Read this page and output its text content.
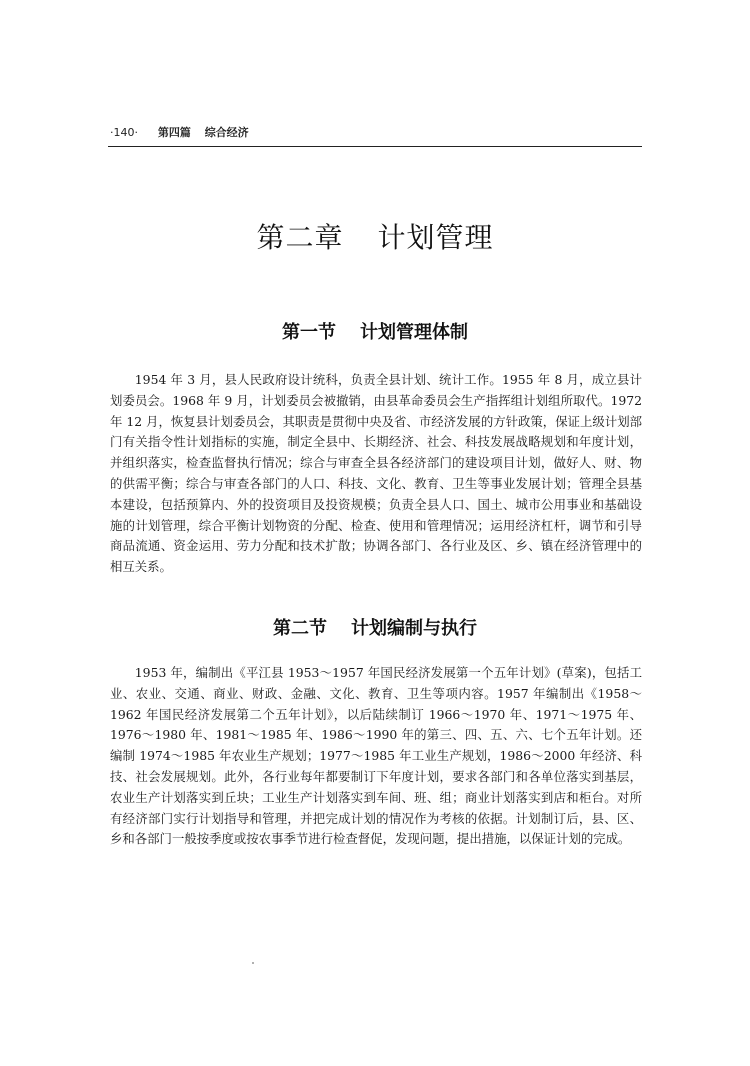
·140· 第四篇 综合经济
第二章 计划管理
第一节 计划管理体制
1954 年 3 月，县人民政府设计统科，负责全县计划、统计工作。1955 年 8 月，成立县计划委员会。1968 年 9 月，计划委员会被撤销，由县革命委员会生产指挥组计划组所取代。1972 年 12 月，恢复县计划委员会，其职责是贯彻中央及省、市经济发展的方针政策，保证上级计划部门有关指令性计划指标的实施，制定全县中、长期经济、社会、科技发展战略规划和年度计划，并组织落实，检查监督执行情况；综合与审查全县各经济部门的建设项目计划，做好人、财、物的供需平衡；综合与审查各部门的人口、科技、文化、教育、卫生等事业发展计划；管理全县基本建设，包括预算内、外的投资项目及投资规模；负责全县人口、国土、城市公用事业和基础设施的计划管理，综合平衡计划物资的分配、检查、使用和管理情况；运用经济杠杆，调节和引导商品流通、资金运用、劳力分配和技术扩散；协调各部门、各行业及区、乡、镇在经济管理中的相互关系。
第二节 计划编制与执行
1953 年，编制出《平江县 1953～1957 年国民经济发展第一个五年计划》(草案)，包括工业、农业、交通、商业、财政、金融、文化、教育、卫生等项内容。1957 年编制出《1958～1962 年国民经济发展第二个五年计划》，以后陆续制订 1966～1970 年、1971～1975 年、1976～1980 年、1981～1985 年、1986～1990 年的第三、四、五、六、七个五年计划。还编制 1974～1985 年农业生产规划；1977～1985 年工业生产规划，1986～2000 年经济、科技、社会发展规划。此外，各行业每年都要制订下年度计划，要求各部门和各单位落实到基层，农业生产计划落实到丘块；工业生产计划落实到车间、班、组；商业计划落实到店和柜台。对所有经济部门实行计划指导和管理，并把完成计划的情况作为考核的依据。计划制订后，县、区、乡和各部门一般按季度或按农事季节进行检查督促，发现问题，提出措施，以保证计划的完成。
